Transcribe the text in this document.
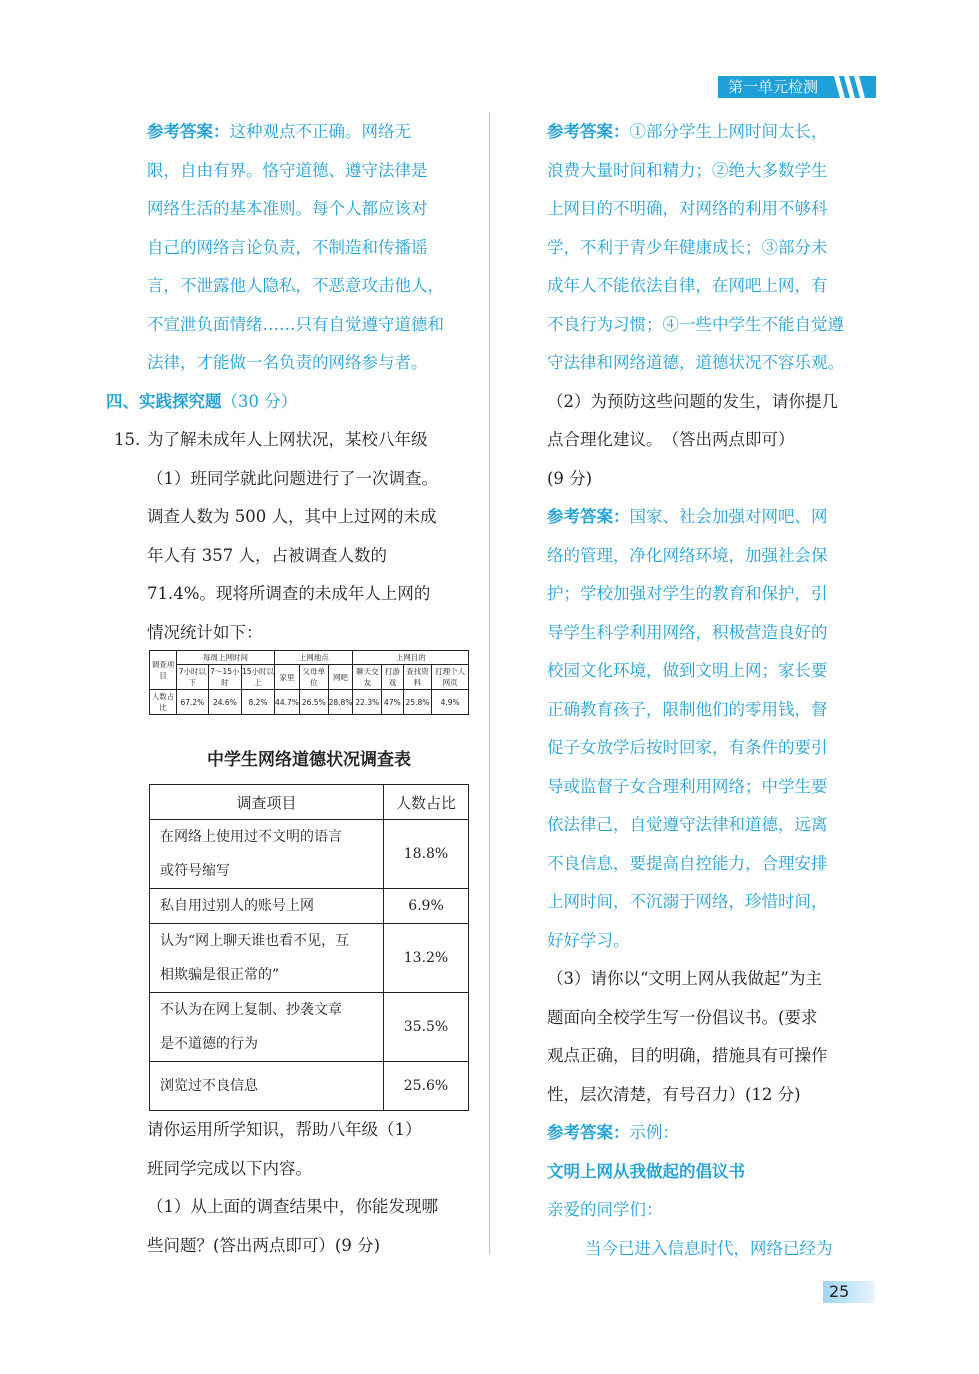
第一单元检测

参考答案：这种观点不正确。网络无

限，自由有界。恪守道德、遵守法律是

网络生活的基本准则。每个人都应该对

自己的网络言论负责，不制造和传播谣

言，不泄露他人隐私，不恶意攻击他人，

不宣泄负面情绪……只有自觉遵守道德和

法律，才能做一名负责的网络参与者。

四、实践探究题（30 分）

15. 为了解未成年人上网状况，某校八年级

（1）班同学就此问题进行了一次调查。

调查人数为 500 人，其中上过网的未成

年人有 357 人，占被调查人数的

71.4%。现将所调查的未成年人上网的

情况统计如下：

调查项目	每周上网时间			上网地点			上网目的			
	7小时以下	7～15小时	15小时以上	家里	父母单位	网吧	聊天交友	打游戏	查找资料	打理个人网页
人数占比	67.2%	24.6%	8.2%	44.7%	26.5%	28.8%	22.3%	47%	25.8%	4.9%
中学生网络道德状况调查表
调查项目	人数占比

在网络上使用过不文明的语言
或符号缩写	18.8%

私自用过别人的账号上网	6.9%

认为“网上聊天谁也看不见，互
相欺骗是很正常的”	13.2%

不认为在网上复制、抄袭文章
是不道德的行为	35.5%

浏览过不良信息	25.6%

请你运用所学知识，帮助八年级（1）

班同学完成以下内容。

（1）从上面的调查结果中，你能发现哪

些问题？(答出两点即可）(9 分)

参考答案：①部分学生上网时间太长，

浪费大量时间和精力；②绝大多数学生

上网目的不明确，对网络的利用不够科

学，不利于青少年健康成长；③部分未

成年人不能依法自律，在网吧上网，有

不良行为习惯；④一些中学生不能自觉遵

守法律和网络道德，道德状况不容乐观。

（2）为预防这些问题的发生，请你提几

点合理化建议。　（答出两点即可）

(9 分)

参考答案：国家、社会加强对网吧、网

络的管理，净化网络环境，加强社会保

护；学校加强对学生的教育和保护，引

导学生科学利用网络，积极营造良好的

校园文化环境，做到文明上网；家长要

正确教育孩子，限制他们的零用钱，督

促子女放学后按时回家，有条件的要引

导或监督子女合理利用网络；中学生要

依法律己，自觉遵守法律和道德，远离

不良信息，要提高自控能力，合理安排

上网时间，不沉溺于网络，珍惜时间，

好好学习。

（3）请你以“文明上网从我做起”为主

题面向全校学生写一份倡议书。(要求

观点正确，目的明确，措施具有可操作

性，层次清楚，有号召力）(12 分)

参考答案：示例：

文明上网从我做起的倡议书

亲爱的同学们：

当今已进入信息时代，网络已经为

25
